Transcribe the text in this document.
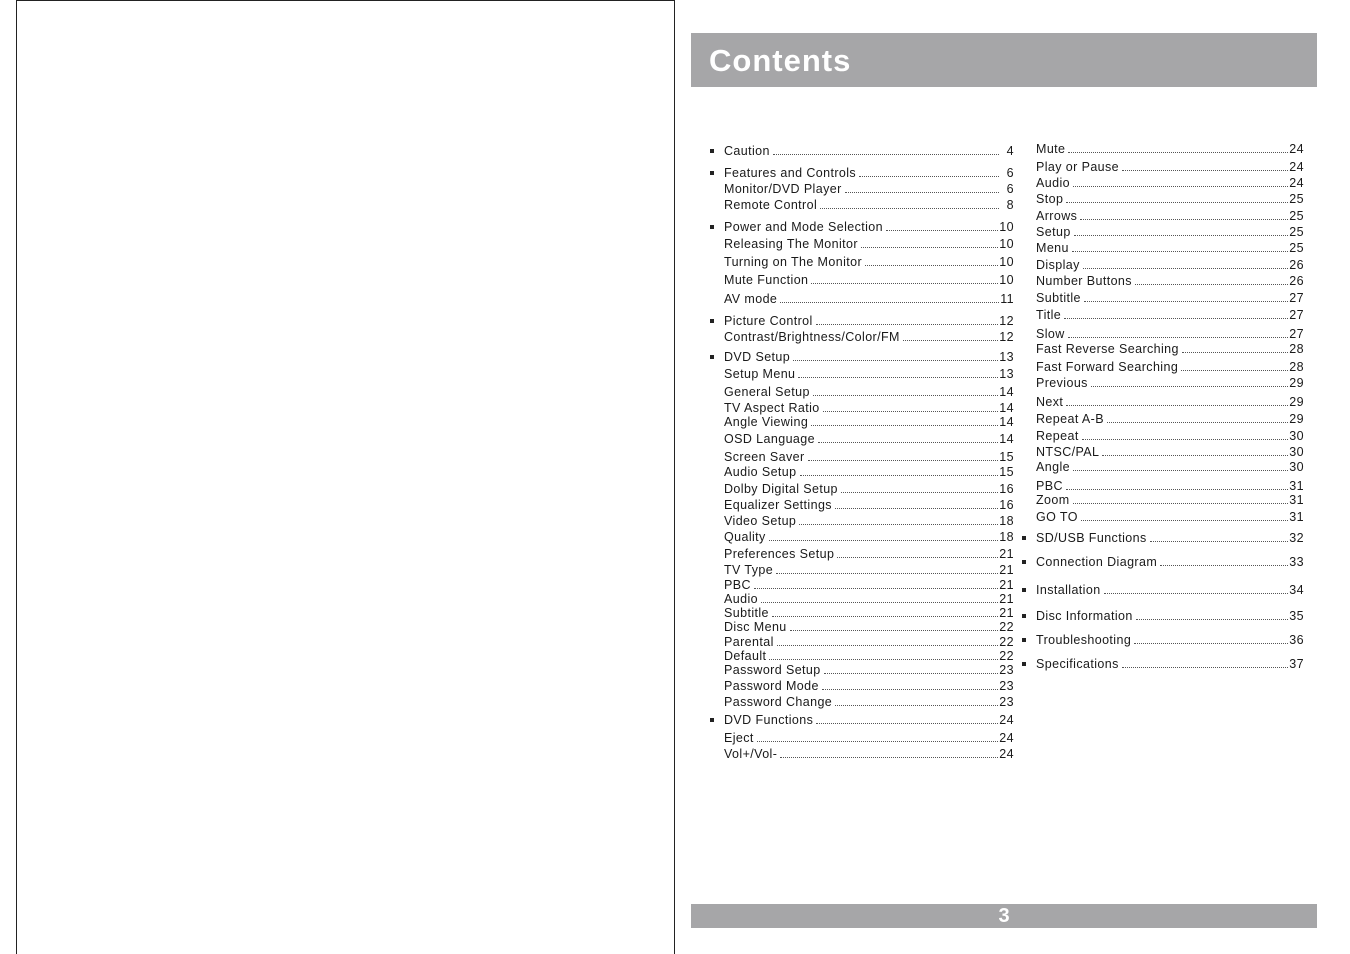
Contents
Caution	4
Features and Controls	6
Monitor/DVD Player	6
Remote Control	8
Power and Mode Selection	10
Releasing The Monitor	10
Turning on The Monitor	10
Mute Function	10
AV mode	11
Picture Control	12
Contrast/Brightness/Color/FM	12
DVD Setup	13
Setup Menu	13
General Setup	14
TV Aspect Ratio	14
Angle Viewing	14
OSD Language	14
Screen Saver	15
Audio Setup	15
Dolby Digital Setup	16
Equalizer Settings	16
Video Setup	18
Quality	18
Preferences Setup	21
TV Type	21
PBC	21
Audio	21
Subtitle	21
Disc Menu	22
Parental	22
Default	22
Password Setup	23
Password Mode	23
Password Change	23
DVD Functions	24
Eject	24
Vol+/Vol-	24
Mute	24
Play or Pause	24
Audio	24
Stop	25
Arrows	25
Setup	25
Menu	25
Display	26
Number Buttons	26
Subtitle	27
Title	27
Slow	27
Fast Reverse Searching	28
Fast Forward Searching	28
Previous	29
Next	29
Repeat A-B	29
Repeat	30
NTSC/PAL	30
Angle	30
PBC	31
Zoom	31
GO TO	31
SD/USB Functions	32
Connection Diagram	33
Installation	34
Disc Information	35
Troubleshooting	36
Specifications	37
3
